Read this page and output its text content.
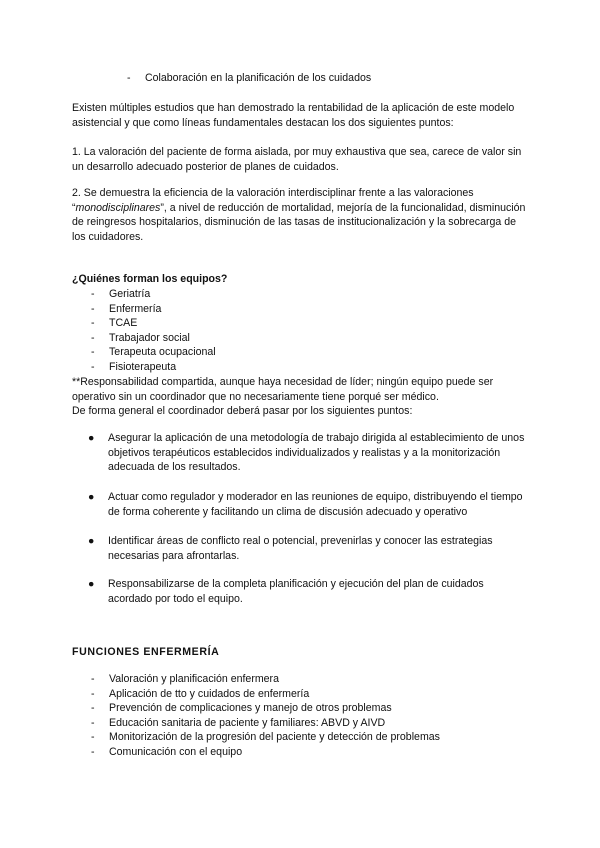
- Colaboración en la planificación de los cuidados

Existen múltiples estudios que han demostrado la rentabilidad de la aplicación de este modelo asistencial y que como líneas fundamentales destacan los dos siguientes puntos:

1. La valoración del paciente de forma aislada, por muy exhaustiva que sea, carece de valor sin un desarrollo adecuado posterior de planes de cuidados.

2. Se demuestra la eficiencia de la valoración interdisciplinar frente a las valoraciones “monodisciplinares”, a nivel de reducción de mortalidad, mejoría de la funcionalidad, disminución de reingresos hospitalarios, disminución de las tasas de institucionalización y la sobrecarga de los cuidadores.

¿Quiénes forman los equipos?

- Geriatría
- Enfermería
- TCAE
- Trabajador social
- Terapeuta ocupacional
- Fisioterapeuta

**Responsabilidad compartida, aunque haya necesidad de líder; ningún equipo puede ser operativo sin un coordinador que no necesariamente tiene porqué ser médico.

De forma general el coordinador deberá pasar por los siguientes puntos:

●	Asegurar la aplicación de una metodología de trabajo dirigida al establecimiento de unos objetivos terapéuticos establecidos individualizados y realistas y a la monitorización adecuada de los resultados.
●	Actuar como regulador y moderador en las reuniones de equipo, distribuyendo el tiempo de forma coherente y facilitando un clima de discusión adecuado y operativo
●	Identificar áreas de conflicto real o potencial, prevenirlas y conocer las estrategias necesarias para afrontarlas.
●	Responsabilizarse de la completa planificación y ejecución del plan de cuidados acordado por todo el equipo.

FUNCIONES ENFERMERÍA

- Valoración y planificación enfermera
- Aplicación de tto y cuidados de enfermería
- Prevención de complicaciones y manejo de otros problemas
- Educación sanitaria de paciente y familiares: ABVD y AIVD
- Monitorización de la progresión del paciente y detección de problemas
- Comunicación con el equipo
